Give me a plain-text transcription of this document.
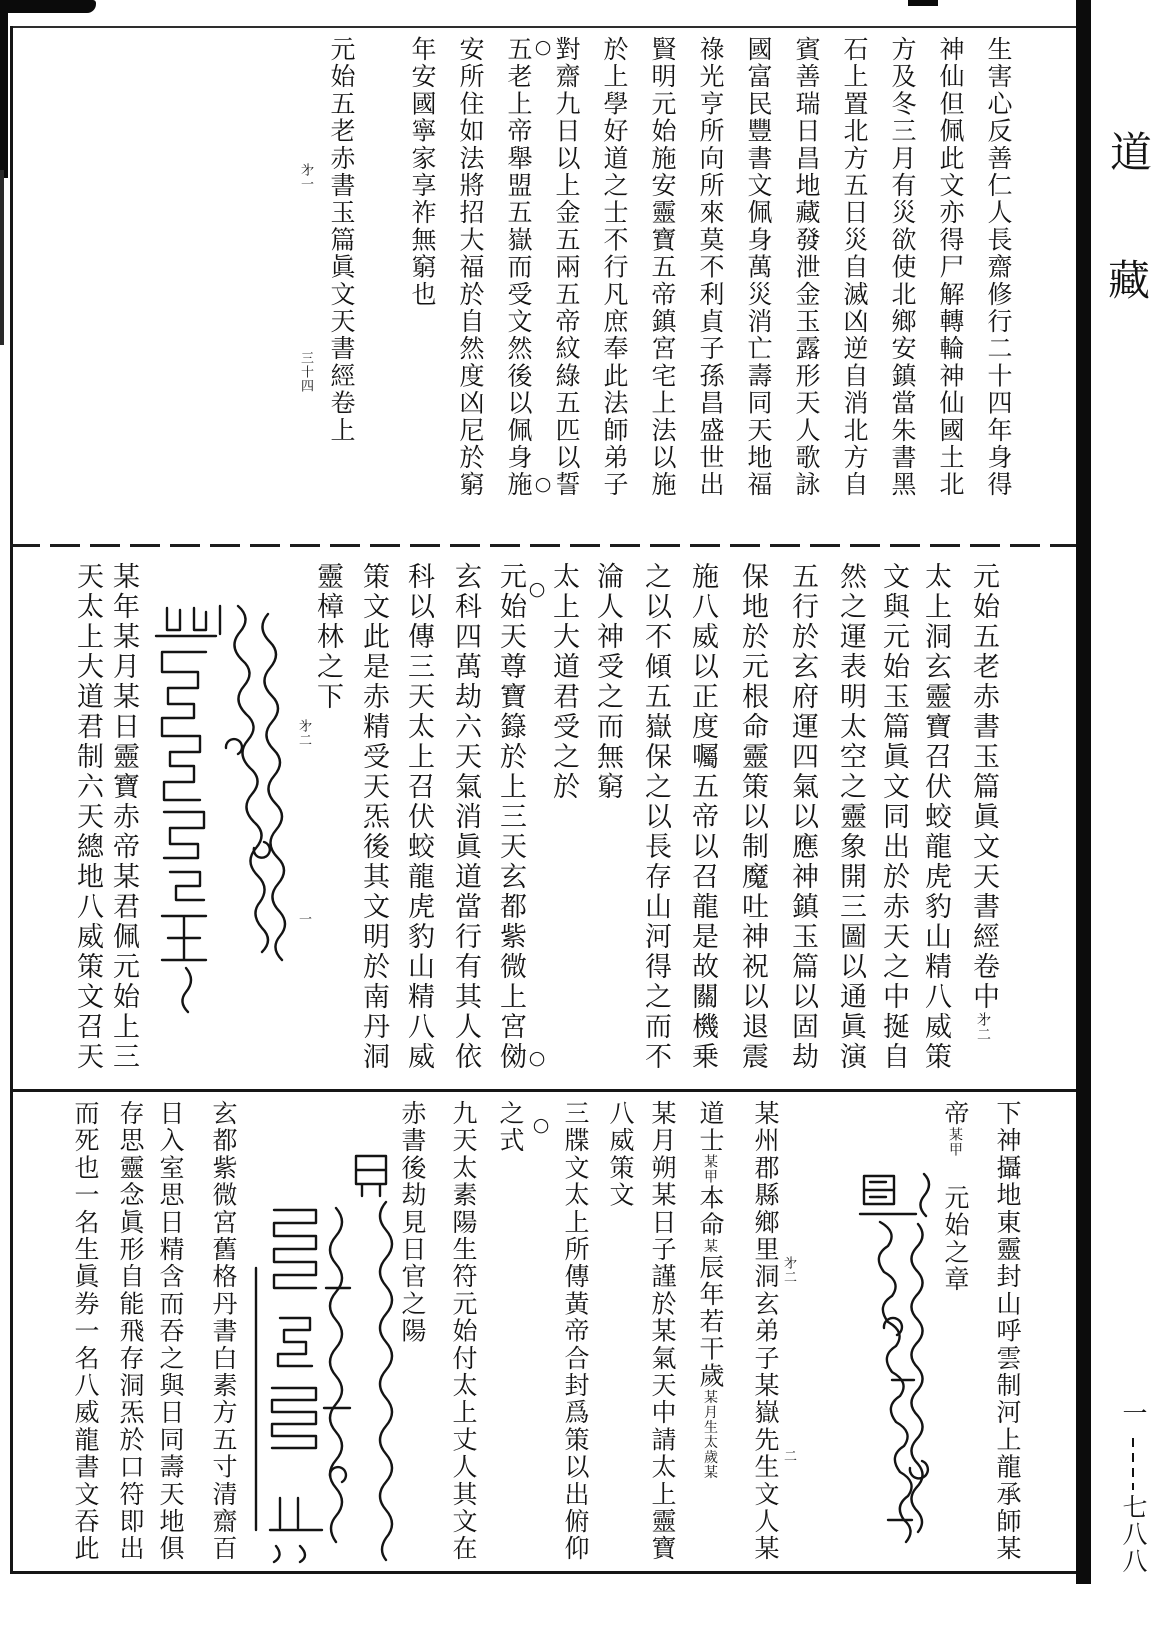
道
藏
一
七八八
生害心反善仁人長齋修行二十四年身得
神仙但佩此文亦得尸解轉輪神仙國土北
方及冬三月有災欲使北鄉安鎮當朱書黑
石上置北方五日災自滅凶逆自消北方自
賓善瑞日昌地藏發泄金玉露形天人歌詠
國富民豐書文佩身萬災消亡壽同天地福
祿光亨所向所來莫不利貞子孫昌盛世出
賢明元始施安靈寶五帝鎮宮宅上法以施
於上學好道之士不行凡庶奉此法師弟子
對齋九日以上金五兩五帝紋綠五匹以誓
○
○
五老上帝舉盟五嶽而受文然後以佩身施
安所住如法將招大福於自然度凶尼於窮
年安國寧家享祚無窮也
元始五老赤書玉篇眞文天書經卷上
㐧一
三十四
元始五老赤書玉篇眞文天書經卷中㐧二
太上洞玄靈寶召伏蛟龍虎豹山精八威策
文與元始玉篇眞文同出於赤天之中挻自
然之運表明太空之靈象開三圖以通眞演
五行於玄府運四氣以應神鎮玉篇以固劫
保地於元根命靈策以制魔吐神祝以退震
施八威以正度囑五帝以召龍是故關機乗
之以不傾五嶽保之以長存山河得之而不
淪人神受之而無窮
太上大道君受之於
○
○
元始天尊寶籙於上三天玄都紫微上宮俲
玄科四萬劫六天氣消眞道當行有其人依
科以傳三天太上召伏蛟龍虎豹山精八威
策文此是赤精受天炁後其文明於南丹洞
靈樟林之下
㐧二
一
某年某月某日靈寶赤帝某君佩元始上三
天太上大道君制六天總地八威策文召天
下神攝地東靈封山呼雲制河上龍承師某
帝某甲　元始之章
㐧二
二
某州郡縣鄉里洞玄弟子某嶽先生文人某
道士某甲本命某辰年若干歲某月生太歲某
某月朔某日子謹於某氣天中請太上靈寶
八威策文
三牒文太上所傳黃帝合封爲策以出俯仰
○
之式
九天太素陽生符元始付太上丈人其文在
赤書後劫見日官之陽
玄都紫微宮舊格丹書白素方五寸清齋百
日入室思日精含而吞之與日同壽天地俱
存思靈念眞形自能飛存洞炁於口符即出
而死也一名生眞券一名八威龍書文吞此
